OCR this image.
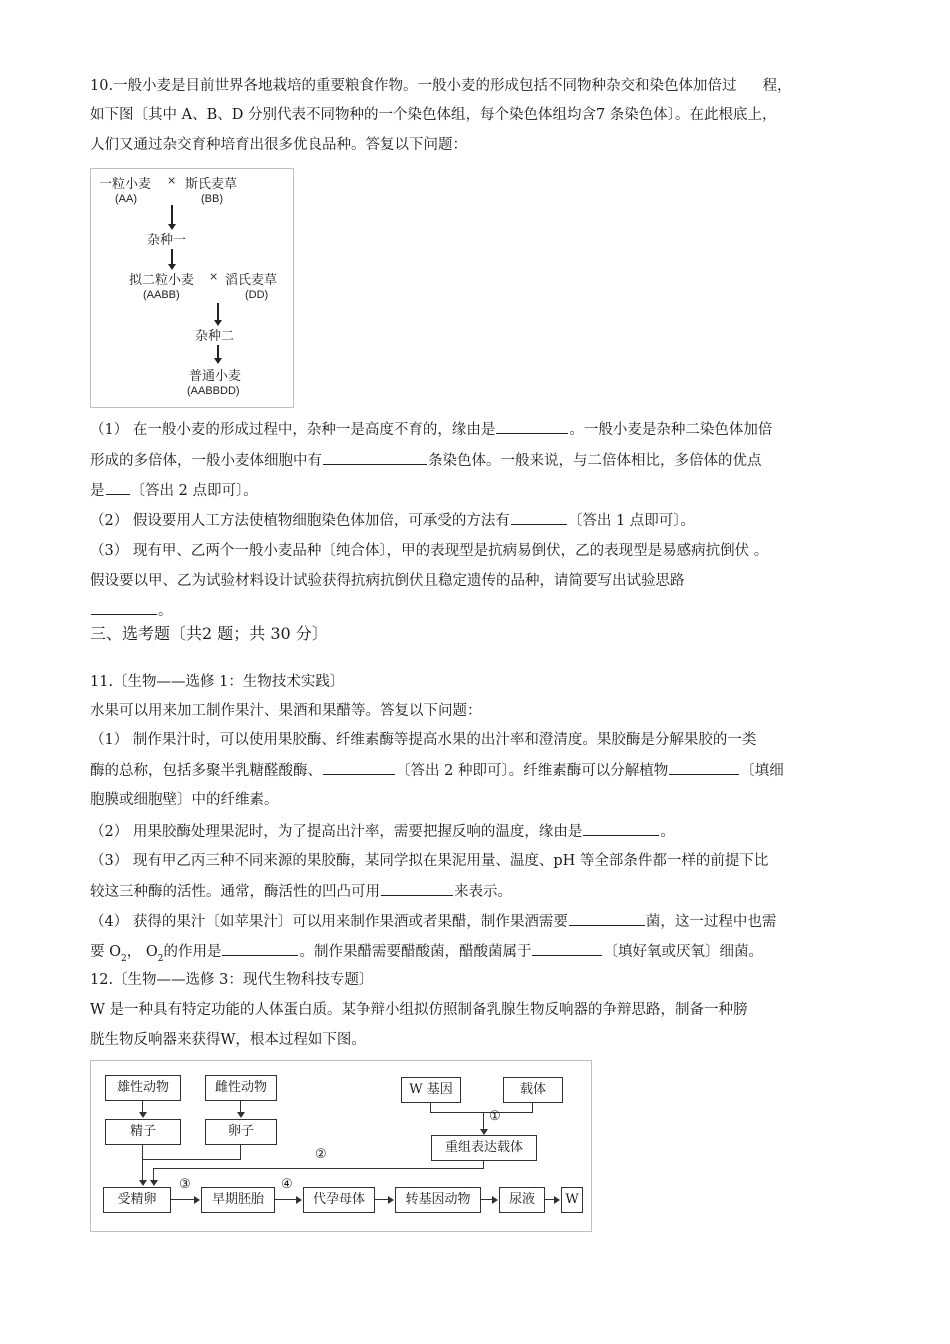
10.一般小麦是目前世界各地栽培的重要粮食作物。一般小麦的形成包括不同物种杂交和染色体加倍过 程，
如下图〔其中 A、B、D 分别代表不同物种的一个染色体组，每个染色体组均含7 条染色体〕。在此根底上，
人们又通过杂交育种培育出很多优良品种。答复以下问题：
一粒小麦 × 斯氏麦草
(AA)	(BB)
杂种一
拟二粒小麦 × 滔氏麦草
(AABB)	(DD)
杂种二
普通小麦
(AABBDD)
（1） 在一般小麦的形成过程中，杂种一是高度不育的，缘由是	。一般小麦是杂种二染色体加倍
形成的多倍体，一般小麦体细胞中有	条染色体。一般来说，与二倍体相比，多倍体的优点
是 〔答出 2 点即可〕。
（2） 假设要用人工方法使植物细胞染色体加倍，可承受的方法有	〔答出 1 点即可〕。
（3） 现有甲、乙两个一般小麦品种〔纯合体〕，甲的表现型是抗病易倒伏，乙的表现型是易感病抗倒伏 。
假设要以甲、乙为试验材料设计试验获得抗病抗倒伏且稳定遗传的品种，请简要写出试验思路
。
三、选考题〔共2 题；共 30 分〕
11.〔生物——选修 1：生物技术实践〕
水果可以用来加工制作果汁、果酒和果醋等。答复以下问题：
（1） 制作果汁时，可以使用果胶酶、纤维素酶等提高水果的出汁率和澄清度。果胶酶是分解果胶的一类
酶的总称，包括多聚半乳糖醛酸酶、	〔答出 2 种即可〕。纤维素酶可以分解植物	〔填细
胞膜或细胞壁〕中的纤维素。
（2） 用果胶酶处理果泥时，为了提高出汁率，需要把握反响的温度，缘由是	。
（3） 现有甲乙丙三种不同来源的果胶酶，某同学拟在果泥用量、温度、pH 等全部条件都一样的前提下比
较这三种酶的活性。通常，酶活性的凹凸可用	来表示。
（4） 获得的果汁〔如苹果汁〕可以用来制作果酒或者果醋，制作果酒需要	菌，这一过程中也需
要 $O_2$， $O_2$的作用是	。制作果醋需要醋酸菌，醋酸菌属于	〔填好氧或厌氧〕细菌。
12.〔生物——选修 3：现代生物科技专题〕
W 是一种具有特定功能的人体蛋白质。某争辩小组拟仿照制备乳腺生物反响器的争辩思路，制备一种膀
胱生物反响器来获得W，根本过程如下图。
雄性动物	雌性动物	W 基因	载体
①
精子	卵子
重组表达载体
②
受精卵
③
早期胚胎
④
代孕母体	转基因动物	尿液	W
